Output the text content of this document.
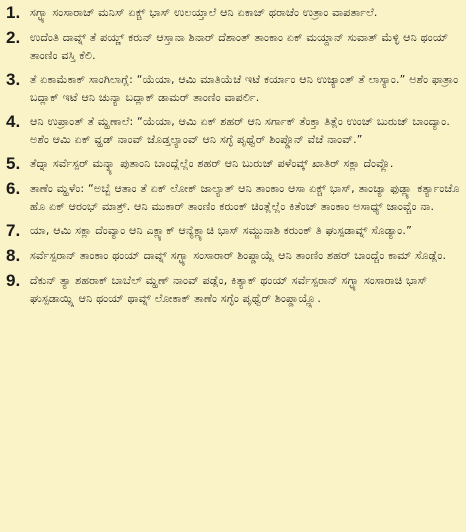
1. ಸಗ್ಳ್ಯಾ ಸಂಸಾರಾಚ್ ಮನಿಸ್ ಏಕ್ಚ್ ಭಾಸ್ ಉಲಯ್ತಾಲೆ ಆನಿ ಏಕಾಚ್ ಥರಾಚೆಂ ಉತ್ರಾಂ ವಾಪರ್ತಾಲೆ.
2. ಉದೆಂತಿ ದಾವ್ನ್ ತೆ ಪಯ್ಣ್ ಕರುನ್ ಆಸ್ತಾನಾ ಶಿನಾರ್ ದೆಶಾಂತ್ ತಾಂಕಾಂ ಏಕ್ ಮಯ್ದಾನ್ ಸುವಾತ್ ಮೆಳ್ಳಿ ಆನಿ ಥಂಯ್ ತಾಂಣಿಂ ವಸ್ತಿ ಕೆಲಿ.
3. ತೆ ಏಕಾಮೆಕಾಕ್ ಸಾಂಗಿಲಾಗ್ಲೆ: “ಯೆಯಾ, ಆಮಿ ಮಾತಿಯೆಚೆ ಇಟೆ ಕರ್ಯಾಂ ಆನಿ ಉಜ್ಯಾಂತ್ ತೆ ಲಾಸ್ಯಾಂ.” ಅಶೆಂ ಫಾತ್ರಾಂ ಬದ್ಲಾಕ್ ಇಟೆ ಆನಿ ಚುನ್ಯಾ ಬದ್ಲಾಕ್ ಡಾಮರ್ ತಾಂಣಿಂ ವಾಪರ್ಲಿ.
4. ಆನಿ ಉಪ್ರಾಂತ್ ತೆ ಮ್ಹಣಾಲೆ: “ಯೆಯಾ, ಆಮಿ ಏಕ್ ಶಹರ್ ಆನಿ ಸರ್ಗಾಕ್ ತೆಂಕ್ತಾ ತಿತ್ಲೆಂ ಉಂಚ್ ಬುರುಜ್ ಬಾಂದ್ಯಾಂ. ಅಶೆಂ ಆಮಿ ಏಕ್ ವ್ಹಡ್ ನಾಂವ್ ಜೊಡ್ತಲ್ಯಾಂವ್ ಆನಿ ಸಗ್ಳೆ ಪೃಥ್ವೆರ್ ಶಿಂಪ್ಡೊನ್ ವೆಚೆ ನಾಂವ್.”
5. ತೆದ್ನಾ ಸರ್ವೆಸ್ಪರ್ ಮನ್ಶ್ಯಾ ಪುತಾಂನಿ ಬಾಂದ್ಲೆಲ್ಲೆಂ ಶಹರ್ ಆನಿ ಬುರುಜ್ ಪಳೆಂವ್ಕ್ ಖಾತಿರ್ ಸಕ್ಲಾ ದೆಂವ್ಲೊ.
6. ತಾಣೆಂ ಮ್ಹಳೆಂ: “ಅಬ್ಬೆ ಆತಾಂ ತೆ ಏಕ್ ಲೋಕ್ ಜಾಲ್ಯಾತ್ ಆನಿ ತಾಂಕಾಂ ಆಸಾ ಏಕ್ಚ್ ಭಾಸ್, ತಾಂಚ್ಯಾ ಫುಡ್ಲ್ಯಾ ಕರ್ತ್ಯಾಂಚೊ ಹೊ ಏಕ್ ಆರಂಭ್ ಮಾತ್ರ್. ಆನಿ ಮುಕಾರ್ ತಾಂಣಿಂ ಕರುಂಕ್ ಚಿಂತ್ಲೆಲ್ಲೆಂ ಕಿತೆಂಚ್ ತಾಂಕಾಂ ಅಸಾಧ್ಯ್ ಜಾಂವ್ಚೆಂ ನಾ.
7. ಯಾ, ಆಮಿ ಸಕ್ಲಾ ದೆಂವ್ಯಾಂ ಆನಿ ಎಕ್ಲ್ಯಾಕ್ ಆನ್ಯೆಕ್ಲ್ಯಾಚಿ ಭಾಸ್ ಸಮ್ಜುನಾಶಿ ಕರುಂಕ್ ತಿ ಘುಸ್ಪಡಾವ್ನ್ ಸೊಡ್ಯಾಂ.”
8. ಸರ್ವೆಸ್ಪರಾನ್ ತಾಂಕಾಂ ಥಂಯ್ ದಾವ್ನ್ ಸಗ್ಳ್ಯಾ ಸಂಸಾರಾರ್ ಶಿಂಪ್ಡಾಯ್ಲೆ ಆನಿ ತಾಂಣಿಂ ಶಹರ್ ಬಾಂದ್ಚೆಂ ಕಾಮ್ ಸೊಡ್ಲೆಂ.
9. ದೆಕುನ್ ತ್ಯಾ ಶಹರಾಕ್ ಬಾಬೆಲ್ ಮ್ಹಣ್ ನಾಂವ್ ಪಡ್ಲೆಂ, ಕಿತ್ಯಾಕ್ ಥಂಯ್ ಸರ್ವೆಸ್ಪರಾನ್ ಸಗ್ಳ್ಯಾ ಸಂಸಾರಾಚಿ ಭಾಸ್ ಘುಸ್ಪಡಾಯ್ಲ್ಲಿ ಆನಿ ಥಂಯ್ ಥಾವ್ನ್ ಲೋಕಾಕ್ ತಾಣೆಂ ಸಗ್ಳೆಂ ಪೃಥ್ವೆರ್ ಶಿಂಪ್ಡಾಯ್ಲ್ಲೊ.
